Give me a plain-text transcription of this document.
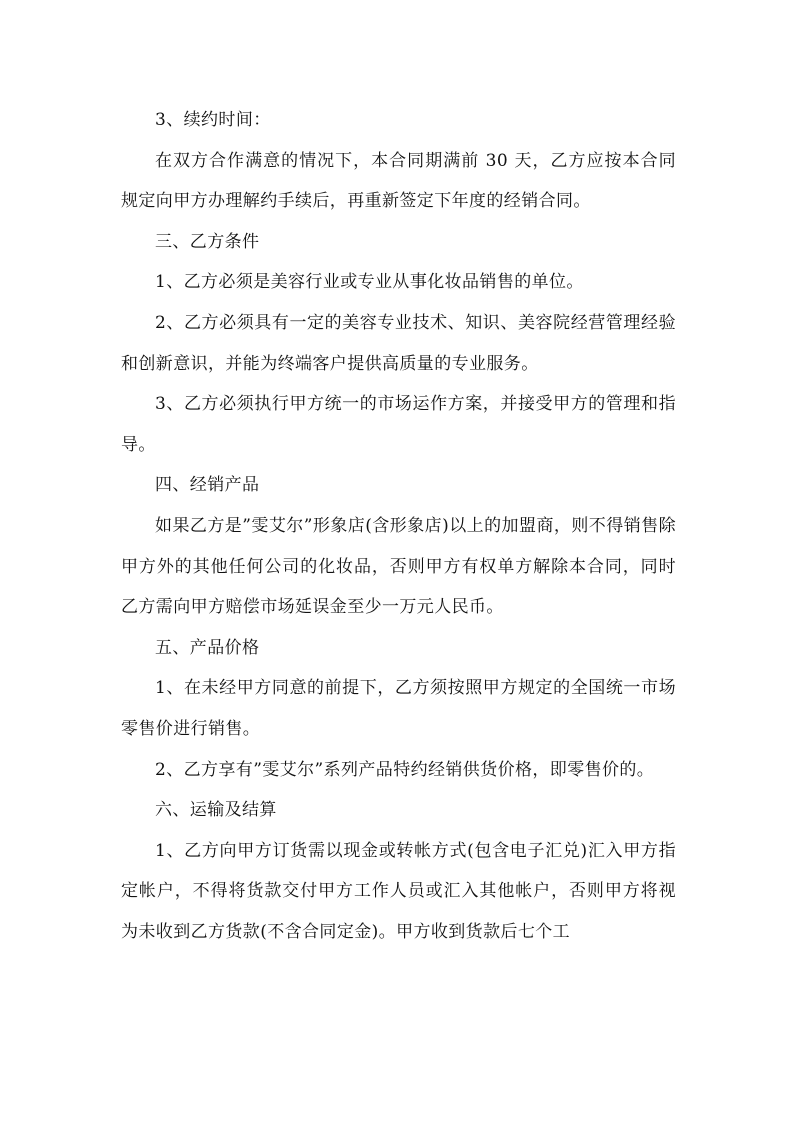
3、续约时间：

在双方合作满意的情况下，本合同期满前 30 天，乙方应按本合同规定向甲方办理解约手续后，再重新签定下年度的经销合同。

三、乙方条件

1、乙方必须是美容行业或专业从事化妆品销售的单位。

2、乙方必须具有一定的美容专业技术、知识、美容院经营管理经验和创新意识，并能为终端客户提供高质量的专业服务。

3、乙方必须执行甲方统一的市场运作方案，并接受甲方的管理和指导。

四、经销产品

如果乙方是”雯艾尔”形象店(含形象店)以上的加盟商，则不得销售除甲方外的其他任何公司的化妆品，否则甲方有权单方解除本合同，同时乙方需向甲方赔偿市场延误金至少一万元人民币。

五、产品价格

1、在未经甲方同意的前提下，乙方须按照甲方规定的全国统一市场零售价进行销售。

2、乙方享有”雯艾尔”系列产品特约经销供货价格，即零售价的。

六、运输及结算

1、乙方向甲方订货需以现金或转帐方式(包含电子汇兑)汇入甲方指定帐户，不得将货款交付甲方工作人员或汇入其他帐户，否则甲方将视为未收到乙方货款(不含合同定金)。甲方收到货款后七个工
